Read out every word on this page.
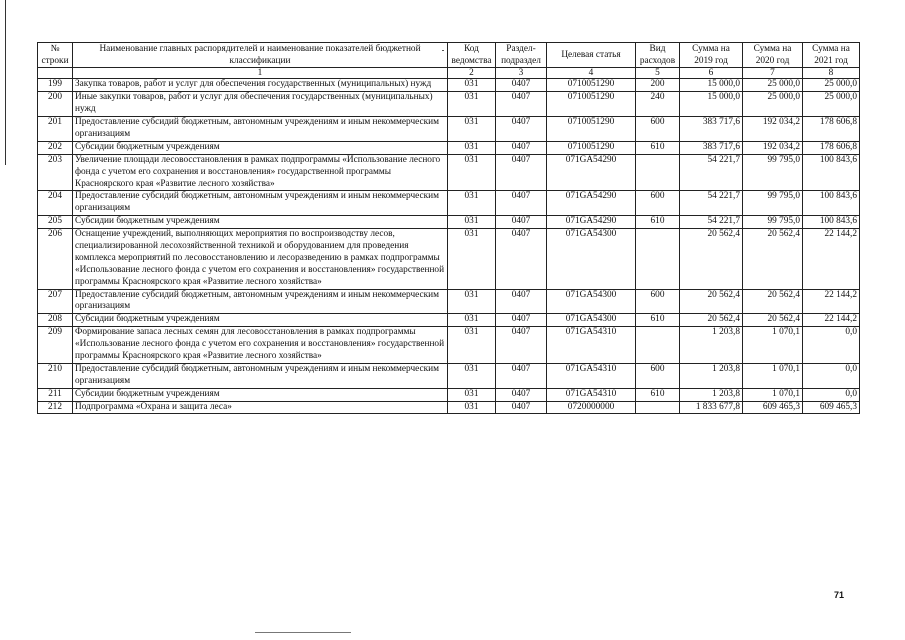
№ строки	Наименование главных распорядителей и наименование показателей бюджетной классификации	Код ведомства	Раздел- подраздел	Целевая статья	Вид расходов	Сумма на 2019 год	Сумма на 2020 год	Сумма на 2021 год
	1	2	3	4	5	6	7	8
199	Закупка товаров, работ и услуг для обеспечения государственных (муниципальных) нужд	031	0407	0710051290	200	15 000,0	25 000,0	25 000,0
200	Иные закупки товаров, работ и услуг для обеспечения государственных (муниципальных) нужд	031	0407	0710051290	240	15 000,0	25 000,0	25 000,0
201	Предоставление субсидий бюджетным, автономным учреждениям и иным некоммерческим организациям	031	0407	0710051290	600	383 717,6	192 034,2	178 606,8
202	Субсидии бюджетным учреждениям	031	0407	0710051290	610	383 717,6	192 034,2	178 606,8
203	Увеличение площади лесовосстановления в рамках подпрограммы «Использование лесного фонда с учетом его сохранения и восстановления» государственной программы Красноярского края «Развитие лесного хозяйства»	031	0407	071GA54290		54 221,7	99 795,0	100 843,6
204	Предоставление субсидий бюджетным, автономным учреждениям и иным некоммерческим организациям	031	0407	071GA54290	600	54 221,7	99 795,0	100 843,6
205	Субсидии бюджетным учреждениям	031	0407	071GA54290	610	54 221,7	99 795,0	100 843,6
206	Оснащение учреждений, выполняющих мероприятия по воспроизводству лесов, специализированной лесохозяйственной техникой и оборудованием для проведения комплекса мероприятий по лесовосстановлению и лесоразведению в рамках подпрограммы «Использование лесного фонда с учетом его сохранения и восстановления» государственной программы Красноярского края «Развитие лесного хозяйства»	031	0407	071GA54300		20 562,4	20 562,4	22 144,2
207	Предоставление субсидий бюджетным, автономным учреждениям и иным некоммерческим организациям	031	0407	071GA54300	600	20 562,4	20 562,4	22 144,2
208	Субсидии бюджетным учреждениям	031	0407	071GA54300	610	20 562,4	20 562,4	22 144,2
209	Формирование запаса лесных семян для лесовосстановления в рамках подпрограммы «Использование лесного фонда с учетом его сохранения и восстановления» государственной программы Красноярского края «Развитие лесного хозяйства»	031	0407	071GA54310		1 203,8	1 070,1	0,0
210	Предоставление субсидий бюджетным, автономным учреждениям и иным некоммерческим организациям	031	0407	071GA54310	600	1 203,8	1 070,1	0,0
211	Субсидии бюджетным учреждениям	031	0407	071GA54310	610	1 203,8	1 070,1	0,0
212	Подпрограмма «Охрана и защита леса»	031	0407	0720000000		1 833 677,8	609 465,3	609 465,3
71
